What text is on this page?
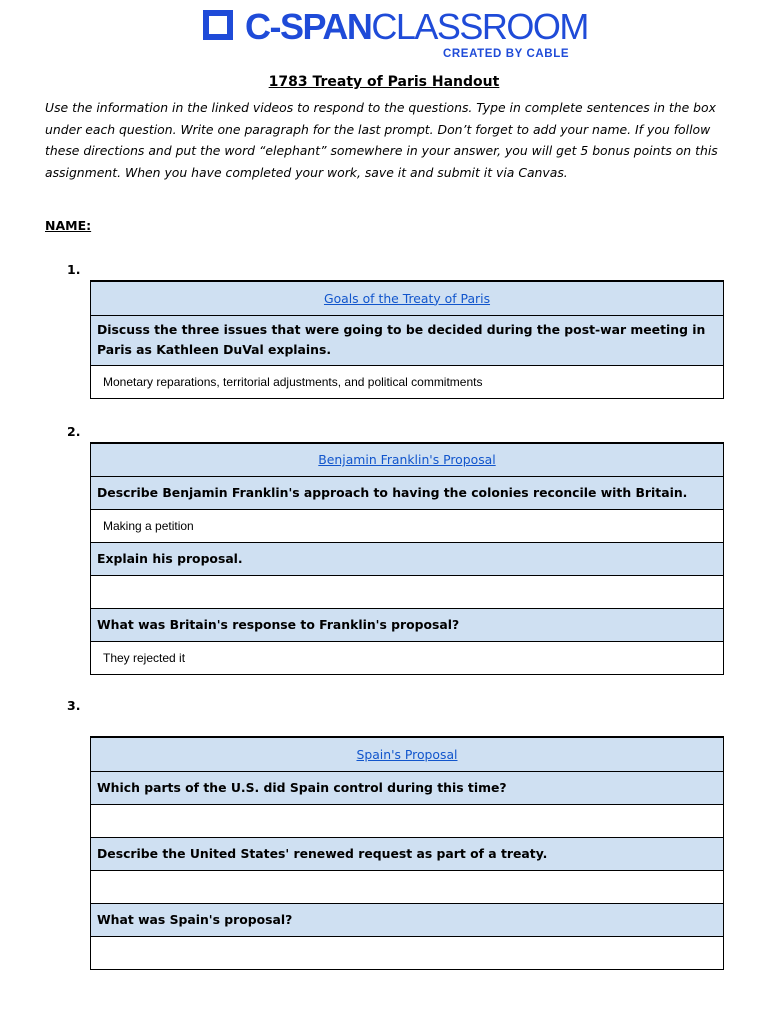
C-SPANCLASSROOM
CREATED BY CABLE
1783 Treaty of Paris Handout
Use the information in the linked videos to respond to the questions. Type in complete sentences in the box under each question. Write one paragraph for the last prompt. Don’t forget to add your name. If you follow these directions and put the word “elephant” somewhere in your answer, you will get 5 bonus points on this assignment. When you have completed your work, save it and submit it via Canvas.
NAME:
1.
Goals of the Treaty of Paris
Discuss the three issues that were going to be decided during the post-war meeting in Paris as Kathleen DuVal explains.
Monetary reparations, territorial adjustments, and political commitments
2.
Benjamin Franklin's Proposal
Describe Benjamin Franklin's approach to having the colonies reconcile with Britain.
Making a petition
Explain his proposal.

What was Britain's response to Franklin's proposal?
They rejected it
3.
Spain's Proposal
Which parts of the U.S. did Spain control during this time?

Describe the United States' renewed request as part of a treaty.

What was Spain's proposal?
